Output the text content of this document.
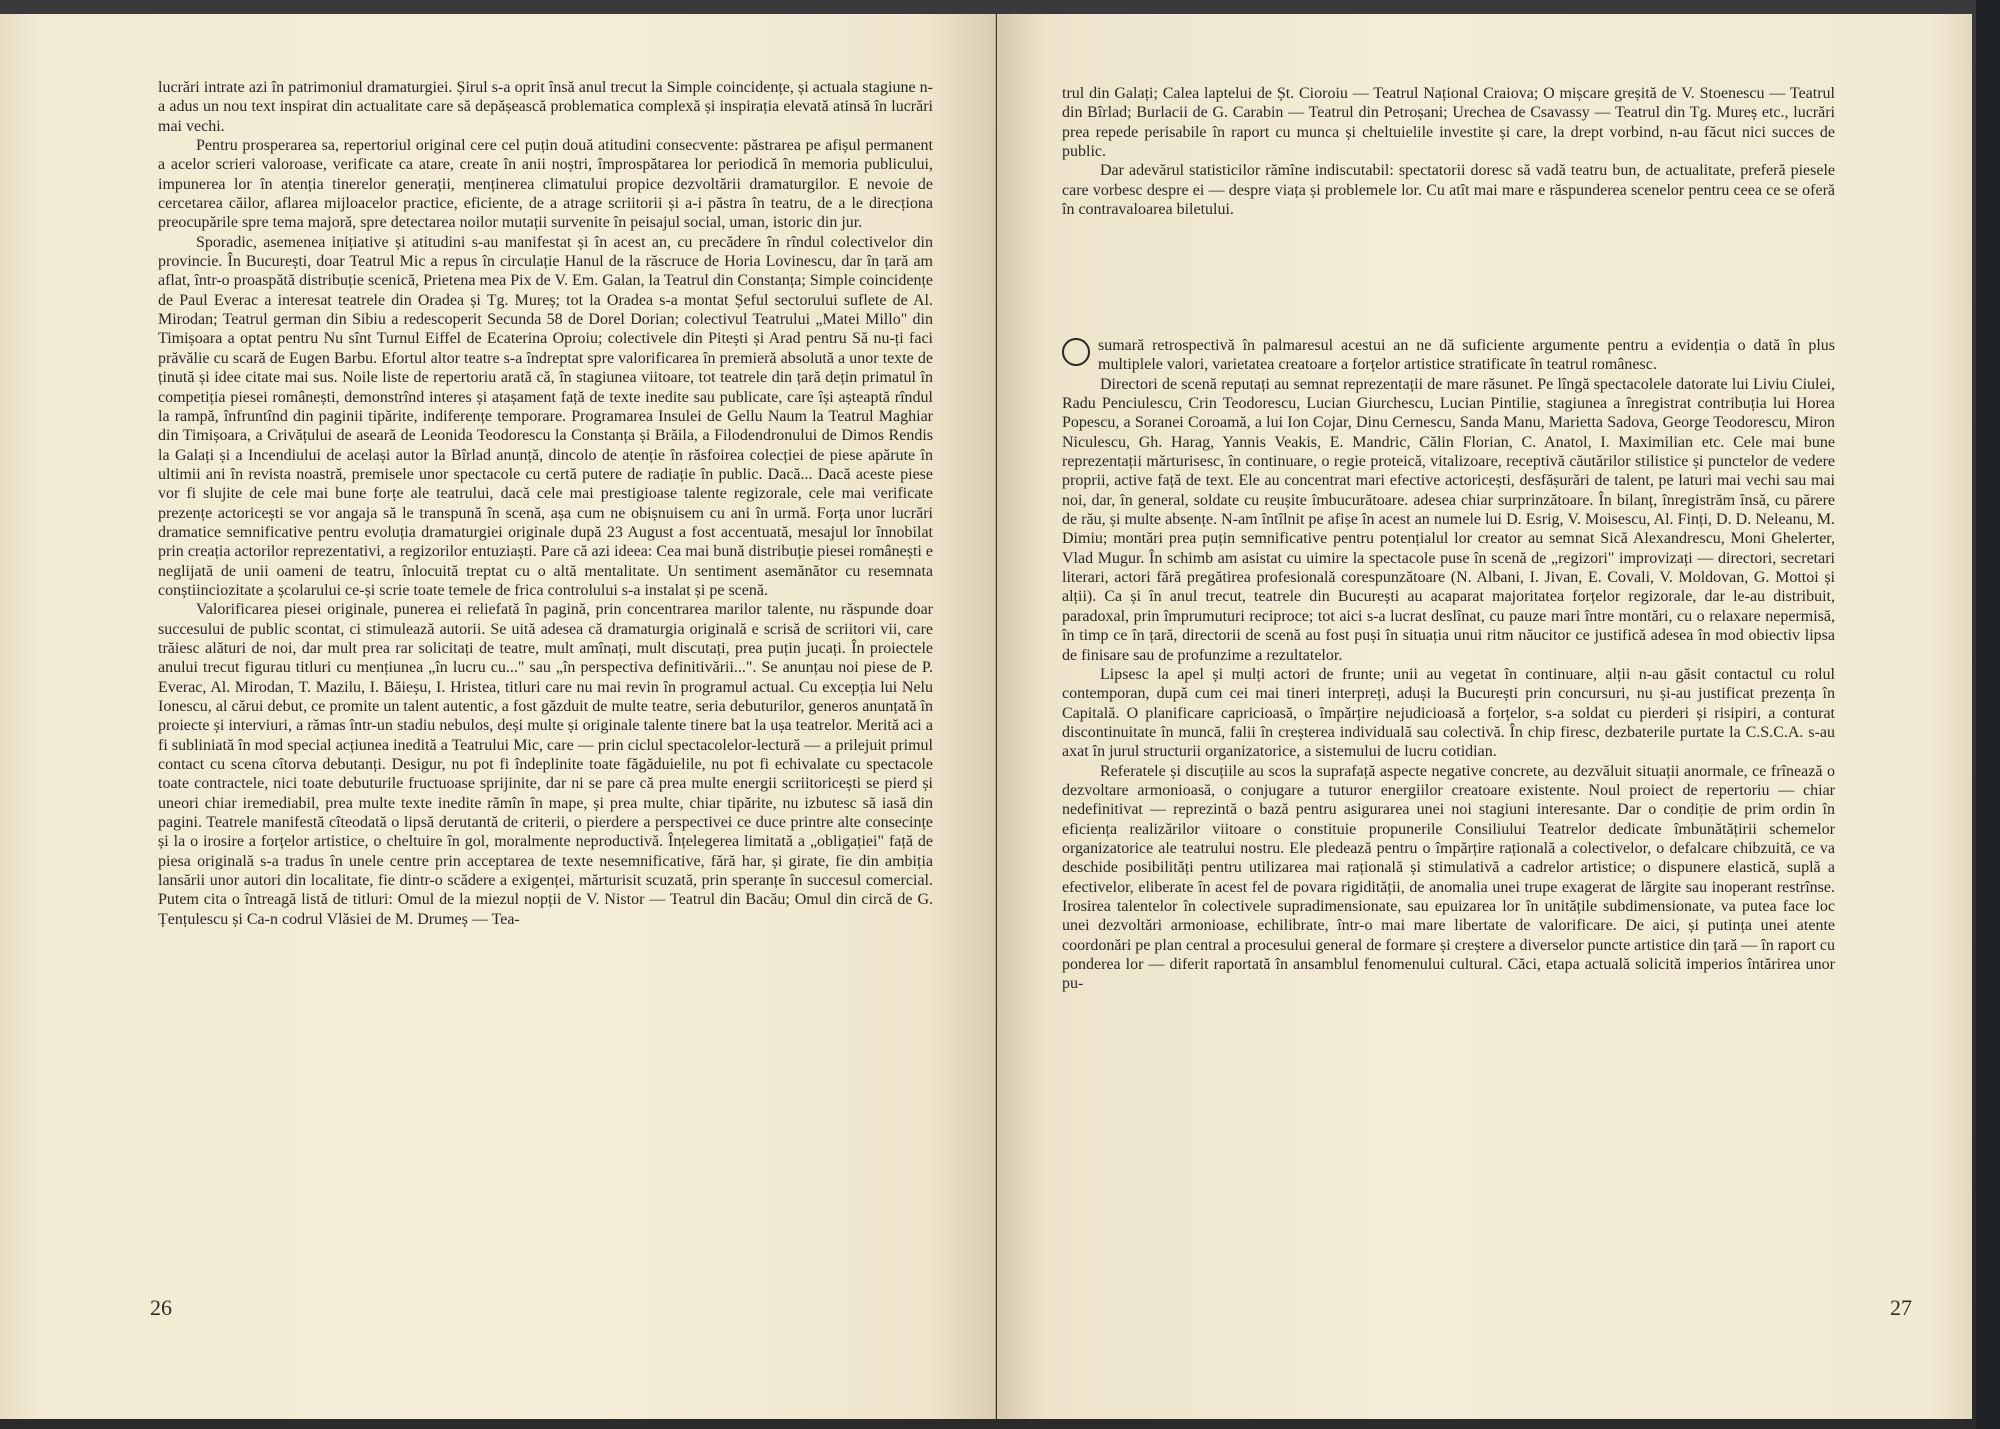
lucrări intrate azi în patrimoniul dramaturgiei. Șirul s-a oprit însă anul trecut la Simple coincidențe, și actuala stagiune n-a adus un nou text inspirat din actualitate care să depășească problematica complexă și inspirația elevată atinsă în lucrări mai vechi.

Pentru prosperarea sa, repertoriul original cere cel puțin două atitudini consecvente: păstrarea pe afișul permanent a acelor scrieri valoroase, verificate ca atare, create în anii noștri, împrospătarea lor periodică în memoria publicului, impunerea lor în atenția tinerelor generații, menținerea climatului propice dezvoltării dramaturgilor. E nevoie de cercetarea căilor, aflarea mijloacelor practice, eficiente, de a atrage scriitorii și a-i păstra în teatru, de a le direcționa preocupările spre tema majoră, spre detectarea noilor mutații survenite în peisajul social, uman, istoric din jur.

Sporadic, asemenea inițiative și atitudini s-au manifestat și în acest an, cu precădere în rîndul colectivelor din provincie. În București, doar Teatrul Mic a repus în circulație Hanul de la răscruce de Horia Lovinescu, dar în țară am aflat, într-o proaspătă distribuție scenică, Prietena mea Pix de V. Em. Galan, la Teatrul din Constanța; Simple coincidențe de Paul Everac a interesat teatrele din Oradea și Tg. Mureș; tot la Oradea s-a montat Șeful sectorului suflete de Al. Mirodan; Teatrul german din Sibiu a redescoperit Secunda 58 de Dorel Dorian; colectivul Teatrului „Matei Millo" din Timișoara a optat pentru Nu sînt Turnul Eiffel de Ecaterina Oproiu; colectivele din Pitești și Arad pentru Să nu-ți faci prăvălie cu scară de Eugen Barbu. Efortul altor teatre s-a îndreptat spre valorificarea în premieră absolută a unor texte de ținută și idee citate mai sus. Noile liste de repertoriu arată că, în stagiunea viitoare, tot teatrele din țară dețin primatul în competiția piesei românești, demonstrînd interes și atașament față de texte inedite sau publicate, care își așteaptă rîndul la rampă, înfruntînd din paginii tipărite, indiferențe temporare. Programarea Insulei de Gellu Naum la Teatrul Maghiar din Timișoara, a Crivățului de aseară de Leonida Teodorescu la Constanța și Brăila, a Filodendronului de Dimos Rendis la Galați și a Incendiului de același autor la Bîrlad anunță, dincolo de atenție în răsfoirea colecției de piese apărute în ultimii ani în revista noastră, premisele unor spectacole cu certă putere de radiație în public. Dacă... Dacă aceste piese vor fi slujite de cele mai bune forțe ale teatrului, dacă cele mai prestigioase talente regizorale, cele mai verificate prezențe actoricești se vor angaja să le transpună în scenă, așa cum ne obișnuisem cu ani în urmă. Forța unor lucrări dramatice semnificative pentru evoluția dramaturgiei originale după 23 August a fost accentuată, mesajul lor înnobilat prin creația actorilor reprezentativi, a regizorilor entuziaști. Pare că azi ideea: Cea mai bună distribuție piesei românești e neglijată de unii oameni de teatru, înlocuită treptat cu o altă mentalitate. Un sentiment asemănător cu resemnata conștiinciozitate a școlarului ce-și scrie toate temele de frica controlului s-a instalat și pe scenă.

Valorificarea piesei originale, punerea ei reliefată în pagină, prin concentrarea marilor talente, nu răspunde doar succesului de public scontat, ci stimulează autorii. Se uită adesea că dramaturgia originală e scrisă de scriitori vii, care trăiesc alături de noi, dar mult prea rar solicitați de teatre, mult amînați, mult discutați, prea puțin jucați. În proiectele anului trecut figurau titluri cu mențiunea „în lucru cu..." sau „în perspectiva definitivării...". Se anunțau noi piese de P. Everac, Al. Mirodan, T. Mazilu, I. Băieșu, I. Hristea, titluri care nu mai revin în programul actual. Cu excepția lui Nelu Ionescu, al cărui debut, ce promite un talent autentic, a fost găzduit de multe teatre, seria debuturilor, generos anunțată în proiecte și interviuri, a rămas într-un stadiu nebulos, deși multe și originale talente tinere bat la ușa teatrelor. Merită aci a fi subliniată în mod special acțiunea inedită a Teatrului Mic, care — prin ciclul spectacolelor-lectură — a prilejuit primul contact cu scena cîtorva debutanți. Desigur, nu pot fi îndeplinite toate făgăduielile, nu pot fi echivalate cu spectacole toate contractele, nici toate debuturile fructuoase sprijinite, dar ni se pare că prea multe energii scriitoricești se pierd și uneori chiar iremediabil, prea multe texte inedite rămîn în mape, și prea multe, chiar tipărite, nu izbutesc să iasă din pagini. Teatrele manifestă cîteodată o lipsă derutantă de criterii, o pierdere a perspectivei ce duce printre alte consecințe și la o irosire a forțelor artistice, o cheltuire în gol, moralmente neproductivă. Înțelegerea limitată a „obligației" față de piesa originală s-a tradus în unele centre prin acceptarea de texte nesemnificative, fără har, și girate, fie din ambiția lansării unor autori din localitate, fie dintr-o scădere a exigenței, mărturisit scuzată, prin speranțe în succesul comercial. Putem cita o întreagă listă de titluri: Omul de la miezul nopții de V. Nistor — Teatrul din Bacău; Omul din circă de G. Țențulescu și Ca-n codrul Vlăsiei de M. Drumeș — Tea-

26

trul din Galați; Calea laptelui de Șt. Cioroiu — Teatrul Național Craiova; O mișcare greșită de V. Stoenescu — Teatrul din Bîrlad; Burlacii de G. Carabin — Teatrul din Petroșani; Urechea de Csavassy — Teatrul din Tg. Mureș etc., lucrări prea repede perisabile în raport cu munca și cheltuielile investite și care, la drept vorbind, n-au făcut nici succes de public.

Dar adevărul statisticilor rămîne indiscutabil: spectatorii doresc să vadă teatru bun, de actualitate, preferă piesele care vorbesc despre ei — despre viața și problemele lor. Cu atît mai mare e răspunderea scenelor pentru ceea ce se oferă în contravaloarea biletului.

sumară retrospectivă în palmaresul acestui an ne dă suficiente argumente pentru a evidenția o dată în plus multiplele valori, varietatea creatoare a forțelor artistice stratificate în teatrul românesc.

Directori de scenă reputați au semnat reprezentații de mare răsunet. Pe lîngă spectacolele datorate lui Liviu Ciulei, Radu Penciulescu, Crin Teodorescu, Lucian Giurchescu, Lucian Pintilie, stagiunea a înregistrat contribuția lui Horea Popescu, a Soranei Coroamă, a lui Ion Cojar, Dinu Cernescu, Sanda Manu, Marietta Sadova, George Teodorescu, Miron Niculescu, Gh. Harag, Yannis Veakis, E. Mandric, Călin Florian, C. Anatol, I. Maximilian etc. Cele mai bune reprezentații mărturisesc, în continuare, o regie proteică, vitalizoare, receptivă căutărilor stilistice și punctelor de vedere proprii, activе față de text. Ele au concentrat mari efective actoricești, desfășurări de talent, pe laturi mai vechi sau mai noi, dar, în general, soldate cu reușite îmbucurătoare. adesea chiar surprinzătoare. În bilanț, înregistrăm însă, cu părere de rău, și multe absențe. N-am întîlnit pe afișe în acest an numele lui D. Esrig, V. Moisescu, Al. Finți, D. D. Neleanu, M. Dimiu; montări prea puțin semnificative pentru potențialul lor creator au semnat Sică Alexandrescu, Moni Ghelerter, Vlad Mugur. În schimb am asistat cu uimire la spectacole puse în scenă de „regizori" improvizați — directori, secretari literari, actori fără pregătirea profesională corespunzătoare (N. Albani, I. Jivan, E. Covali, V. Moldovan, G. Mottoi și alții). Ca și în anul trecut, teatrele din București au acaparat majoritatea forțelor regizorale, dar le-au distribuit, paradoxal, prin împrumuturi reciproce; tot aici s-a lucrat deslînat, cu pauze mari între montări, cu o relaxare nepermisă, în timp ce în țară, directorii de scenă au fost puși în situația unui ritm năucitor ce justifică adesea în mod obiectiv lipsa de finisare sau de profunzime a rezultatelor.

Lipsesc la apel și mulți actori de frunte; unii au vegetat în continuare, alții n-au găsit contactul cu rolul contemporan, după cum cei mai tineri interpreți, aduși la București prin concursuri, nu și-au justificat prezența în Capitală. O planificare capricioasă, o împărțire nejudicioasă a forțelor, s-a soldat cu pierderi și risipiri, a conturat discontinuitate în muncă, falii în creșterea individuală sau colectivă. În chip firesc, dezbaterile purtate la C.S.C.A. s-au axat în jurul structurii organizatorice, a sistemului de lucru cotidian.

Referatele și discuțiile au scos la suprafață aspecte negative concrete, au dezvăluit situații anormale, ce frînează o dezvoltare armonioasă, o conjugare a tuturor energiilor creatoare existente. Noul proiect de repertoriu — chiar nedefinitivat — reprezintă o bază pentru asigurarea unei noi stagiuni interesante. Dar o condiție de prim ordin în eficiența realizărilor viitoare o constituie propunerile Consiliului Teatrelor dedicate îmbunătățirii schemelor organizatorice ale teatrului nostru. Ele pledează pentru o împărțire rațională a colectivelor, o defalcare chibzuită, ce va deschide posibilități pentru utilizarea mai rațională și stimulativă a cadrelor artistice; o dispunere elastică, suplă a efectivelor, eliberate în acest fel de povara rigidității, de anomalia unei trupe exagerat de lărgite sau inoperant restrînse. Irosirea talentelor în colectivele supradimensionate, sau epuizarea lor în unitățile subdimensionate, va putea face loc unei dezvoltări armonioase, echilibrate, într-o mai mare libertate de valorificare. De aici, și putința unei atente coordonări pe plan central a procesului general de formare și creștere a diverselor puncte artistice din țară — în raport cu ponderea lor — diferit raportată în ansamblul fenomenului cultural. Căci, etapa actuală solicită imperios întărirea unor pu-

27
